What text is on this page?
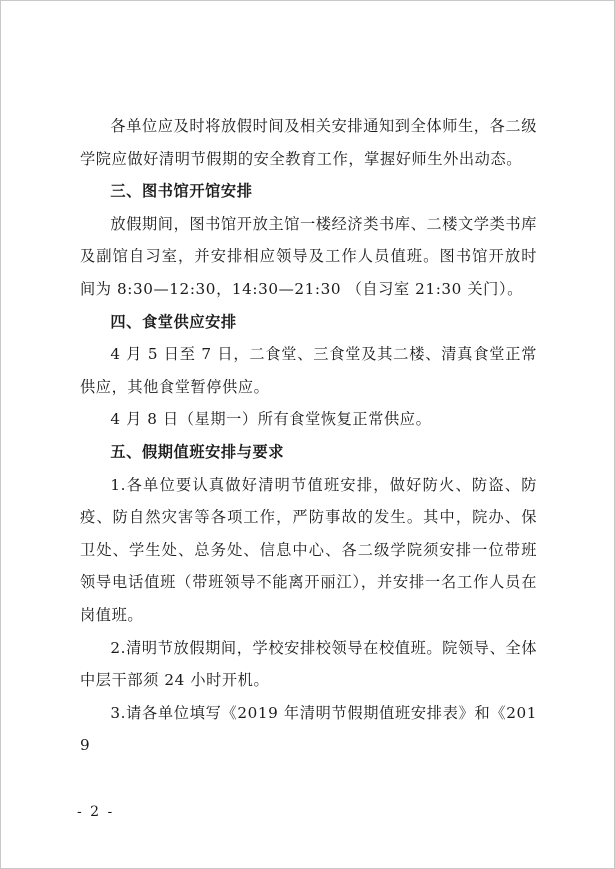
各单位应及时将放假时间及相关安排通知到全体师生，各二级学院应做好清明节假期的安全教育工作，掌握好师生外出动态。

三、图书馆开馆安排

放假期间，图书馆开放主馆一楼经济类书库、二楼文学类书库及副馆自习室，并安排相应领导及工作人员值班。图书馆开放时间为 8:30—12:30，14:30—21:30 （自习室 21:30 关门）。

四、食堂供应安排

4 月 5 日至 7 日，二食堂、三食堂及其二楼、清真食堂正常供应，其他食堂暂停供应。

4 月 8 日（星期一）所有食堂恢复正常供应。

五、假期值班安排与要求

1.各单位要认真做好清明节值班安排，做好防火、防盗、防疫、防自然灾害等各项工作，严防事故的发生。其中，院办、保卫处、学生处、总务处、信息中心、各二级学院须安排一位带班领导电话值班（带班领导不能离开丽江），并安排一名工作人员在岗值班。

2.清明节放假期间，学校安排校领导在校值班。院领导、全体中层干部须 24 小时开机。

3.请各单位填写《2019 年清明节假期值班安排表》和《2019

- 2 -
